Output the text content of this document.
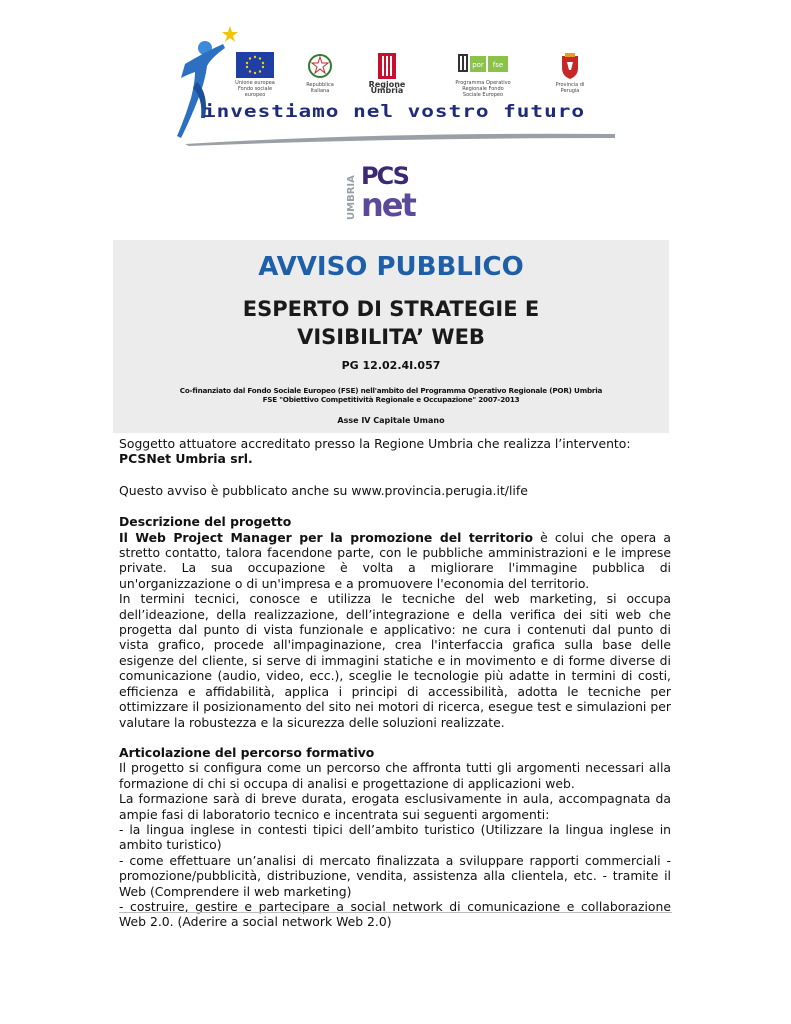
Unione europea Fondo sociale europeo
Repubblica Italiana
Regione Umbria
por fse
Programma Operativo Regionale Fondo Sociale Europeo
Provincia di Perugia
investiamo nel vostro futuro
UMBRIA PCS
net
AVVISO PUBBLICO
ESPERTO DI STRATEGIE E
VISIBILITA’ WEB
PG 12.02.4I.057
Co-finanziato dal Fondo Sociale Europeo (FSE) nell'ambito del Programma Operativo Regionale (POR) Umbria
FSE "Obiettivo Competitività Regionale e Occupazione" 2007-2013
Asse IV Capitale Umano

Soggetto attuatore accreditato presso la Regione Umbria che realizza l’intervento:

PCSNet Umbria srl.

Questo avviso è pubblicato anche su www.provincia.perugia.it/life

Descrizione del progetto

Il Web Project Manager per la promozione del territorio è colui che opera a stretto contatto, talora facendone parte, con le pubbliche amministrazioni e le imprese private. La sua occupazione è volta a migliorare l'immagine pubblica di un'organizzazione o di un'impresa e a promuovere l'economia del territorio.

In termini tecnici, conosce e utilizza le tecniche del web marketing, si occupa dell’ideazione, della realizzazione, dell’integrazione e della verifica dei siti web che progetta dal punto di vista funzionale e applicativo: ne cura i contenuti dal punto di vista grafico, procede all'impaginazione, crea l'interfaccia grafica sulla base delle esigenze del cliente, si serve di immagini statiche e in movimento e di forme diverse di comunicazione (audio, video, ecc.), sceglie le tecnologie più adatte in termini di costi, efficienza e affidabilità, applica i principi di accessibilità, adotta le tecniche per ottimizzare il posizionamento del sito nei motori di ricerca, esegue test e simulazioni per valutare la robustezza e la sicurezza delle soluzioni realizzate.

Articolazione del percorso formativo

Il progetto si configura come un percorso che affronta tutti gli argomenti necessari alla formazione di chi si occupa di analisi e progettazione di applicazioni web.

La formazione sarà di breve durata, erogata esclusivamente in aula, accompagnata da ampie fasi di laboratorio tecnico e incentrata sui seguenti argomenti:

- la lingua inglese in contesti tipici dell’ambito turistico (Utilizzare la lingua inglese in ambito turistico)

- come effettuare un’analisi di mercato finalizzata a sviluppare rapporti commerciali - promozione/pubblicità, distribuzione, vendita, assistenza alla clientela, etc. - tramite il Web (Comprendere il web marketing)

- costruire, gestire e partecipare a social network di comunicazione e collaborazione Web 2.0. (Aderire a social network Web 2.0)
